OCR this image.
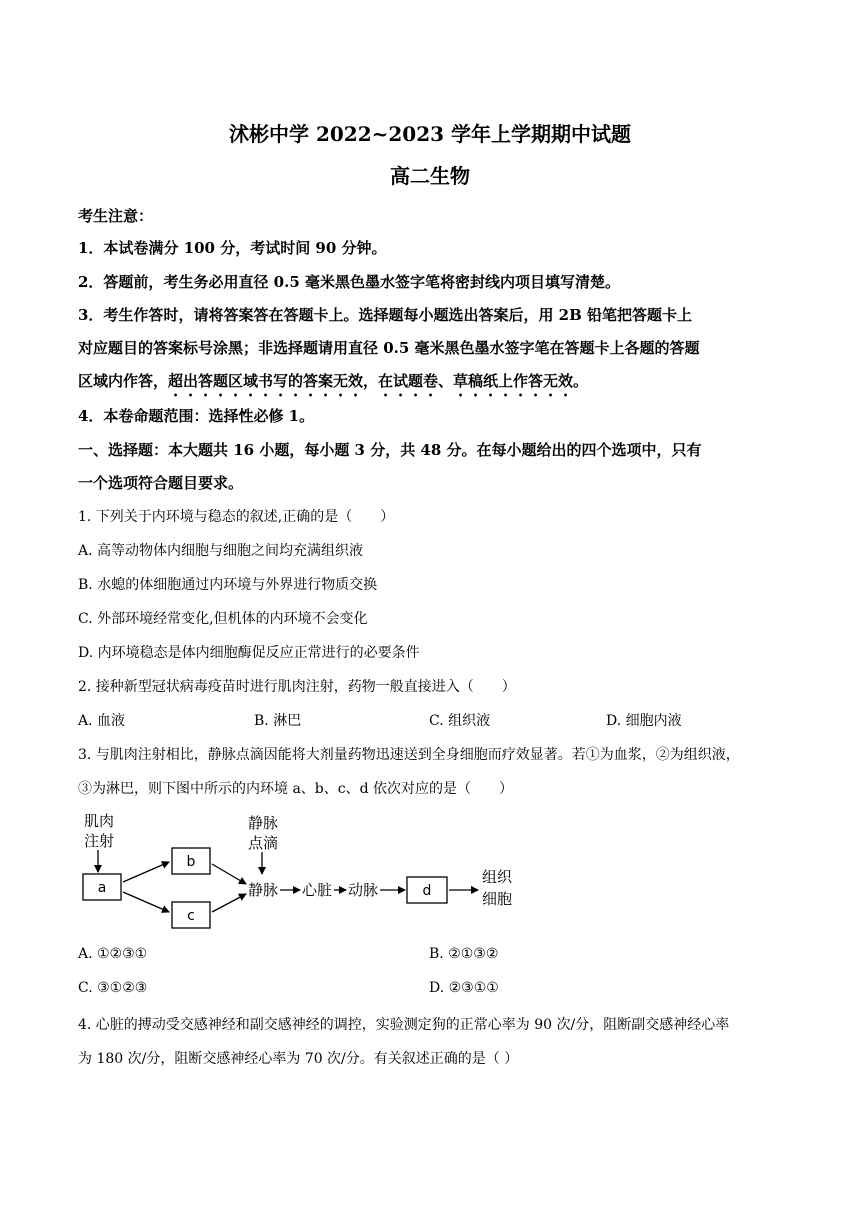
沭彬中学 2022~2023 学年上学期期中试题
高二生物
考生注意：
1．本试卷满分 100 分，考试时间 90 分钟。
2．答题前，考生务必用直径 0.5 毫米黑色墨水签字笔将密封线内项目填写清楚。
3．考生作答时，请将答案答在答题卡上。选择题每小题选出答案后，用 2B 铅笔把答题卡上
对应题目的答案标号涂黑；非选择题请用直径 0.5 毫米黑色墨水签字笔在答题卡上各题的答题
区域内作答，超出答题区域书写的答案无效，在试题卷、草稿纸上作答无效。
4．本卷命题范围：选择性必修 1。
一、选择题：本大题共 16 小题，每小题 3 分，共 48 分。在每小题给出的四个选项中，只有
一个选项符合题目要求。
1. 下列关于内环境与稳态的叙述,正确的是（　　）
A. 高等动物体内细胞与细胞之间均充满组织液
B. 水螅的体细胞通过内环境与外界进行物质交换
C. 外部环境经常变化,但机体的内环境不会变化
D. 内环境稳态是体内细胞酶促反应正常进行的必要条件
2. 接种新型冠状病毒疫苗时进行肌肉注射，药物一般直接进入（　　）
A. 血液	B. 淋巴	C. 组织液	D. 细胞内液
3. 与肌肉注射相比，静脉点滴因能将大剂量药物迅速送到全身细胞而疗效显著。若①为血浆，②为组织液，
③为淋巴，则下图中所示的内环境 a、b、c、d 依次对应的是（　　）
肌肉
注射
a
b
c
静脉
点滴
静脉 心脏 动脉	d
组织
细胞
A. ①②③①	B. ②①③②
C. ③①②③	D. ②③①①
4. 心脏的搏动受交感神经和副交感神经的调控，实验测定狗的正常心率为 90 次/分，阻断副交感神经心率
为 180 次/分，阻断交感神经心率为 70 次/分。有关叙述正确的是（ ）
